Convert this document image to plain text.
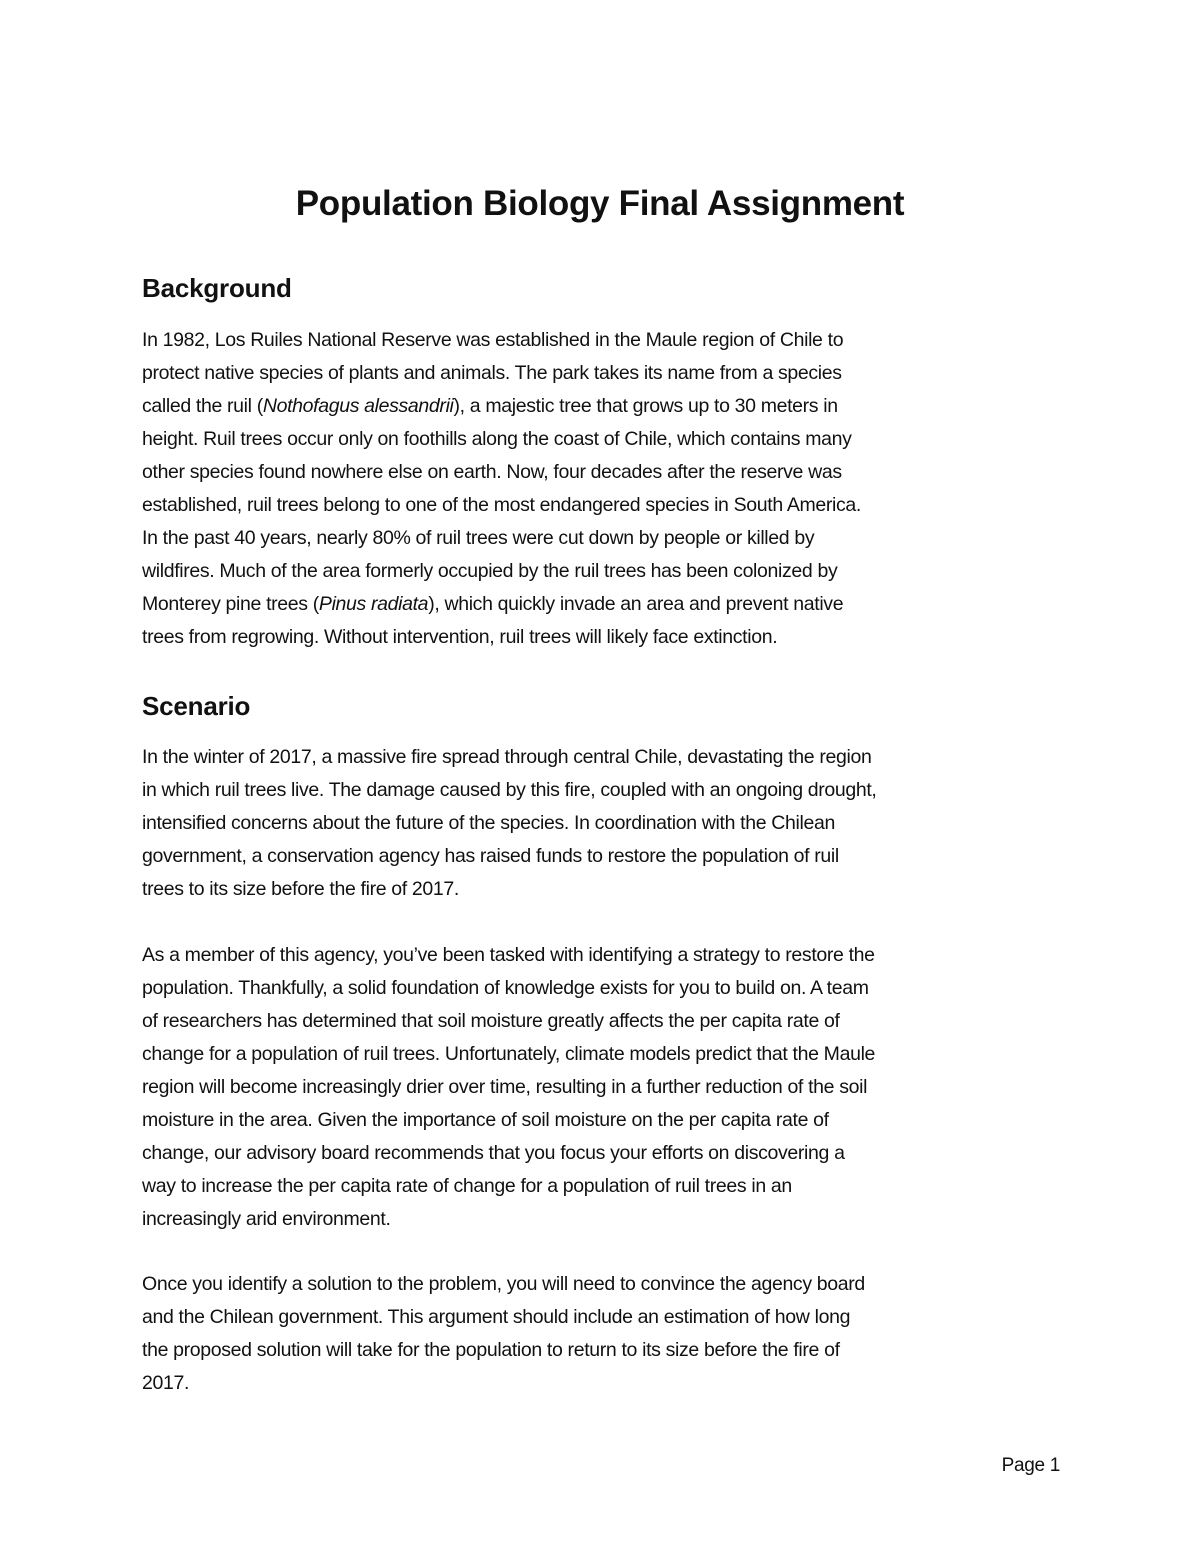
Population Biology Final Assignment
Background
In 1982, Los Ruiles National Reserve was established in the Maule region of Chile to
protect native species of plants and animals. The park takes its name from a species
called the ruil (Nothofagus alessandrii), a majestic tree that grows up to 30 meters in
height. Ruil trees occur only on foothills along the coast of Chile, which contains many
other species found nowhere else on earth. Now, four decades after the reserve was
established, ruil trees belong to one of the most endangered species in South America.
In the past 40 years, nearly 80% of ruil trees were cut down by people or killed by
wildfires. Much of the area formerly occupied by the ruil trees has been colonized by
Monterey pine trees (Pinus radiata), which quickly invade an area and prevent native
trees from regrowing. Without intervention, ruil trees will likely face extinction.
Scenario
In the winter of 2017, a massive fire spread through central Chile, devastating the region
in which ruil trees live. The damage caused by this fire, coupled with an ongoing drought,
intensified concerns about the future of the species. In coordination with the Chilean
government, a conservation agency has raised funds to restore the population of ruil
trees to its size before the fire of 2017.
As a member of this agency, you’ve been tasked with identifying a strategy to restore the
population. Thankfully, a solid foundation of knowledge exists for you to build on. A team
of researchers has determined that soil moisture greatly affects the per capita rate of
change for a population of ruil trees. Unfortunately, climate models predict that the Maule
region will become increasingly drier over time, resulting in a further reduction of the soil
moisture in the area. Given the importance of soil moisture on the per capita rate of
change, our advisory board recommends that you focus your efforts on discovering a
way to increase the per capita rate of change for a population of ruil trees in an
increasingly arid environment.
Once you identify a solution to the problem, you will need to convince the agency board
and the Chilean government. This argument should include an estimation of how long
the proposed solution will take for the population to return to its size before the fire of
2017.
Page 1
